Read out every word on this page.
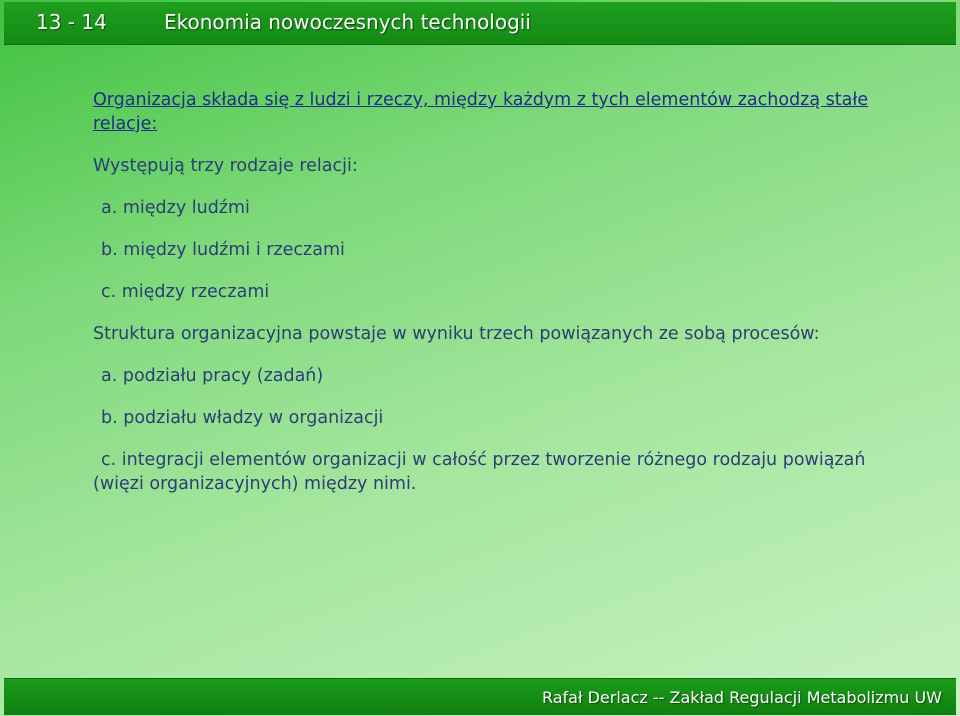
13 - 14	Ekonomia nowoczesnych technologii

Organizacja składa się z ludzi i rzeczy, między każdym z tych elementów zachodzą stałe relacje:

Występują trzy rodzaje relacji:

a. między ludźmi

b. między ludźmi i rzeczami

c. między rzeczami

Struktura organizacyjna powstaje w wyniku trzech powiązanych ze sobą procesów:

a. podziału pracy (zadań)

b. podziału władzy w organizacji

c. integracji elementów organizacji w całość przez tworzenie różnego rodzaju powiązań (więzi organizacyjnych) między nimi.

Rafał Derlacz -- Zakład Regulacji Metabolizmu UW
